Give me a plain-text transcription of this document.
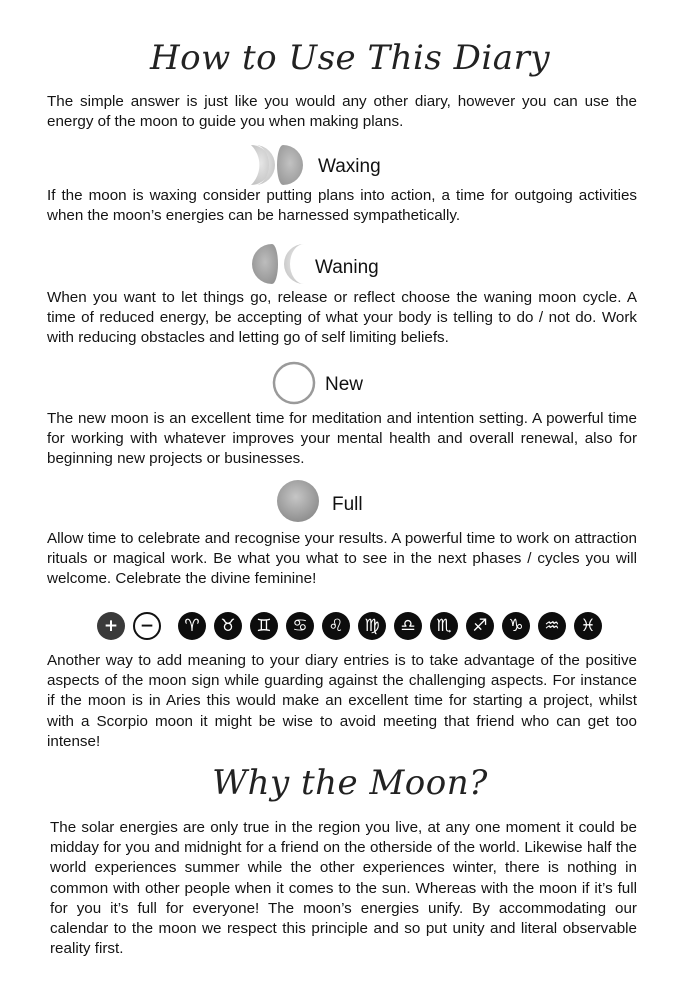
How to Use This Diary

The simple answer is just like you would any other diary, however you can use the energy of the moon to guide you when making plans.

Waxing

If the moon is waxing consider putting plans into action, a time for outgoing activities when the moon’s energies can be harnessed sympathetically.

Waning

When you want to let things go, release or reflect choose the waning moon cycle. A time of reduced energy, be accepting of what your body is telling to do / not do. Work with reducing obstacles and letting go of self limiting beliefs.

New

The new moon is an excellent time for meditation and intention setting. A powerful time for working with whatever improves your mental health and overall renewal, also for beginning new projects or businesses.

Full

Allow time to celebrate and recognise your results. A powerful time to work on attraction rituals or magical work. Be what you what to see in the next phases / cycles you will welcome. Celebrate the divine feminine!

+	−	♈	♉	♊	♋	♌	♍	♎	♏	♐	♑	♒	♓

Another way to add meaning to your diary entries is to take advantage of the positive aspects of the moon sign while guarding against the challenging aspects. For instance if the moon is in Aries this would make an excellent time for starting a project, whilst with a Scorpio moon it might be wise to avoid meeting that friend who can get too intense!

Why the Moon?

The solar energies are only true in the region you live, at any one moment it could be midday for you and midnight for a friend on the otherside of the world. Likewise half the world experiences summer while the other experiences winter, there is nothing in common with other people when it comes to the sun. Whereas with the moon if it’s full for you it’s full for everyone! The moon’s energies unify. By accommodating our calendar to the moon we respect this principle and so put unity and literal observable reality first.
